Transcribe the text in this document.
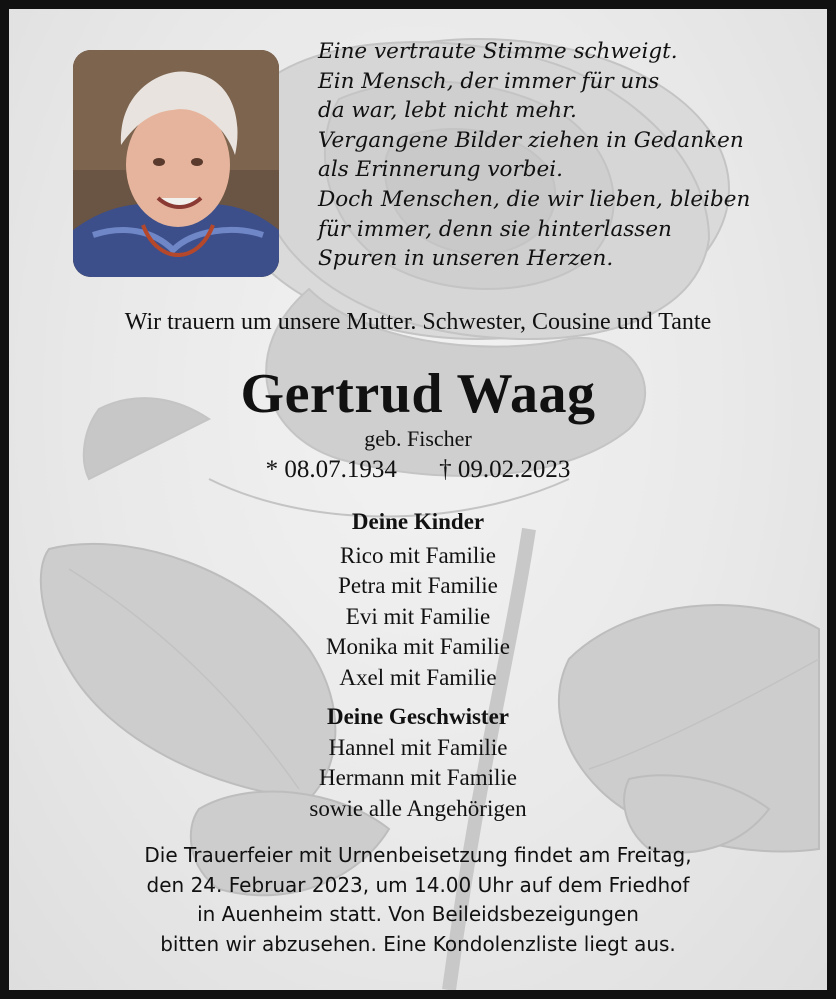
Eine vertraute Stimme schweigt.
Ein Mensch, der immer für uns
da war, lebt nicht mehr.
Vergangene Bilder ziehen in Gedanken
als Erinnerung vorbei.
Doch Menschen, die wir lieben, bleiben
für immer, denn sie hinterlassen
Spuren in unseren Herzen.
Wir trauern um unsere Mutter. Schwester, Cousine und Tante
Gertrud Waag
geb. Fischer
* 08.07.1934 † 09.02.2023
Deine Kinder
Rico mit Familie
Petra mit Familie
Evi mit Familie
Monika mit Familie
Axel mit Familie
Deine Geschwister
Hannel mit Familie
Hermann mit Familie
sowie alle Angehörigen
Die Trauerfeier mit Urnenbeisetzung findet am Freitag,
den 24. Februar 2023, um 14.00 Uhr auf dem Friedhof
in Auenheim statt. Von Beileidsbezeigungen
bitten wir abzusehen. Eine Kondolenzliste liegt aus.
